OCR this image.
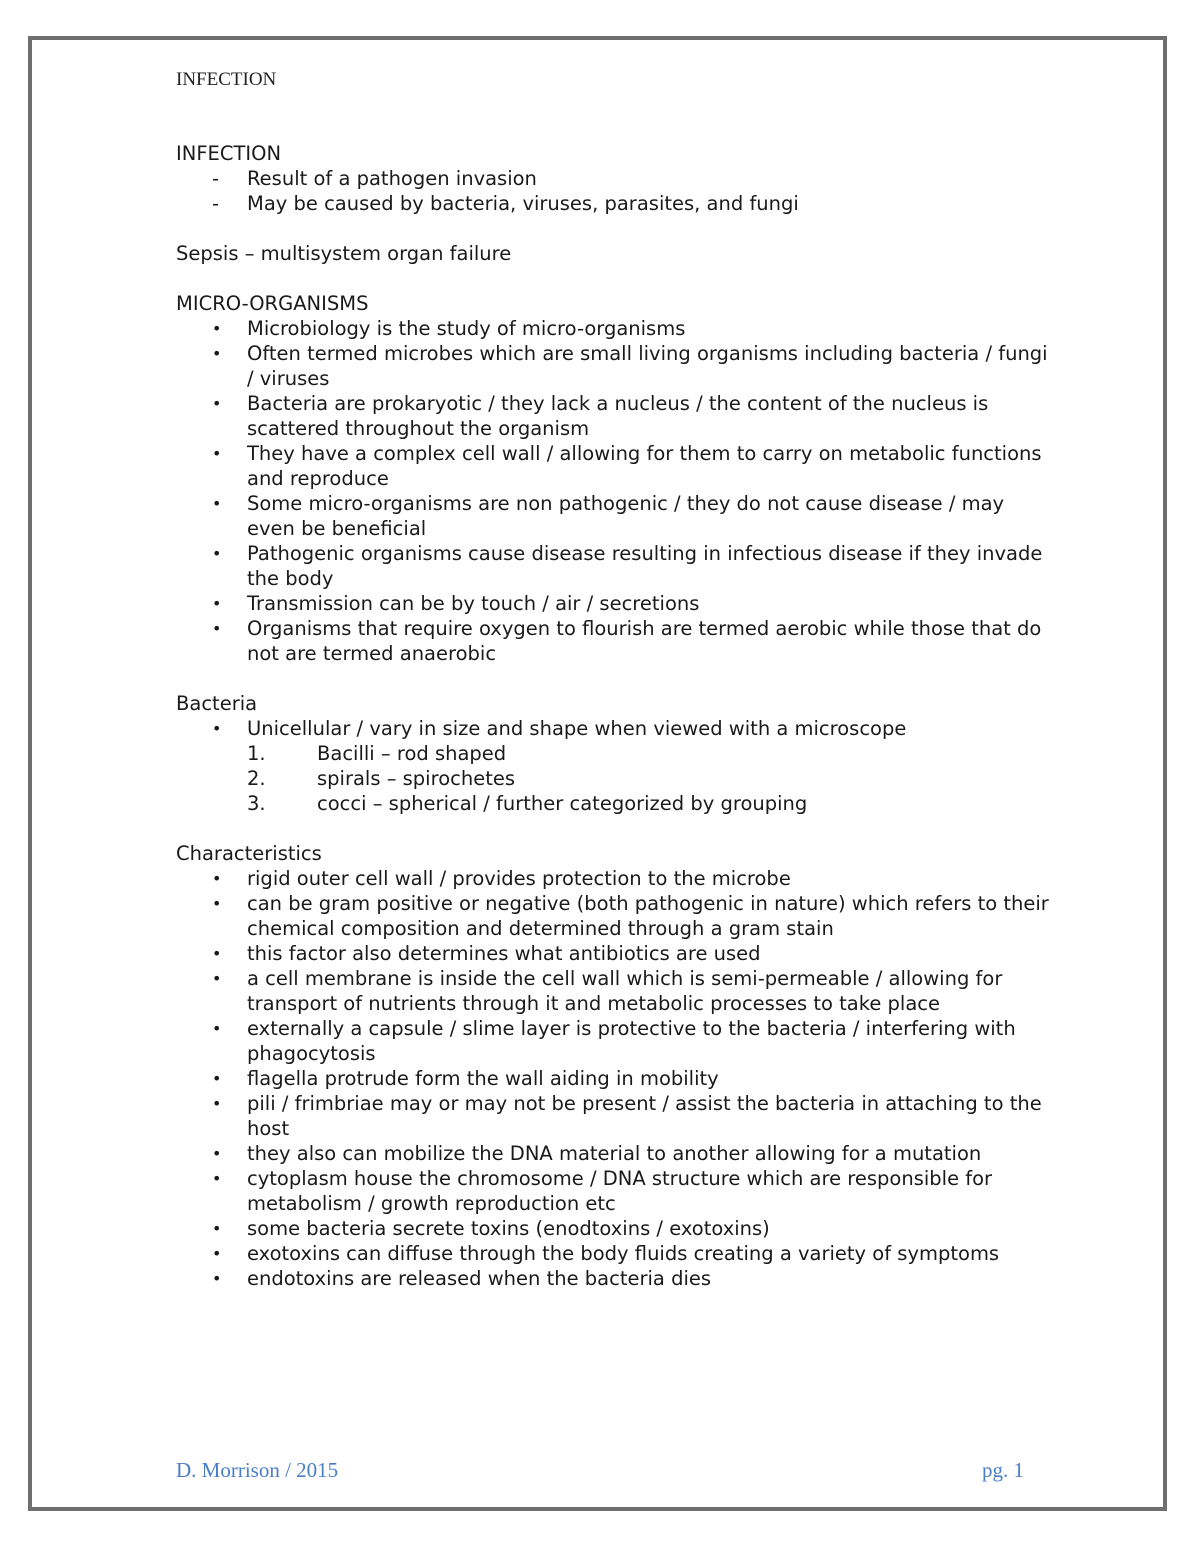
INFECTION

INFECTION

-	Result of a pathogen invasion
-	May be caused by bacteria, viruses, parasites, and fungi

Sepsis – multisystem organ failure

MICRO-ORGANISMS

•	Microbiology is the study of micro-organisms
•	Often termed microbes which are small living organisms including bacteria / fungi / viruses
•	Bacteria are prokaryotic / they lack a nucleus / the content of the nucleus is scattered throughout the organism
•	They have a complex cell wall / allowing for them to carry on metabolic functions and reproduce
•	Some micro-organisms are non pathogenic / they do not cause disease / may even be beneficial
•	Pathogenic organisms cause disease resulting in infectious disease if they invade the body
•	Transmission can be by touch / air / secretions
•	Organisms that require oxygen to flourish are termed aerobic while those that do not are termed anaerobic

Bacteria

•	Unicellular / vary in size and shape when viewed with a microscope
1.	Bacilli – rod shaped
2.	spirals – spirochetes
3.	cocci – spherical / further categorized by grouping

Characteristics

•	rigid outer cell wall / provides protection to the microbe
•	can be gram positive or negative (both pathogenic in nature) which refers to their chemical composition and determined through a gram stain
•	this factor also determines what antibiotics are used
•	a cell membrane is inside the cell wall which is semi-permeable / allowing for transport of nutrients through it and metabolic processes to take place
•	externally a capsule / slime layer is protective to the bacteria / interfering with phagocytosis
•	flagella protrude form the wall aiding in mobility
•	pili / frimbriae may or may not be present / assist the bacteria in attaching to the host
•	they also can mobilize the DNA material to another allowing for a mutation
•	cytoplasm house the chromosome / DNA structure which are responsible for metabolism / growth reproduction etc
•	some bacteria secrete toxins (enodtoxins / exotoxins)
•	exotoxins can diffuse through the body fluids creating a variety of symptoms
•	endotoxins are released when the bacteria dies
D. Morrison / 2015	pg. 1
